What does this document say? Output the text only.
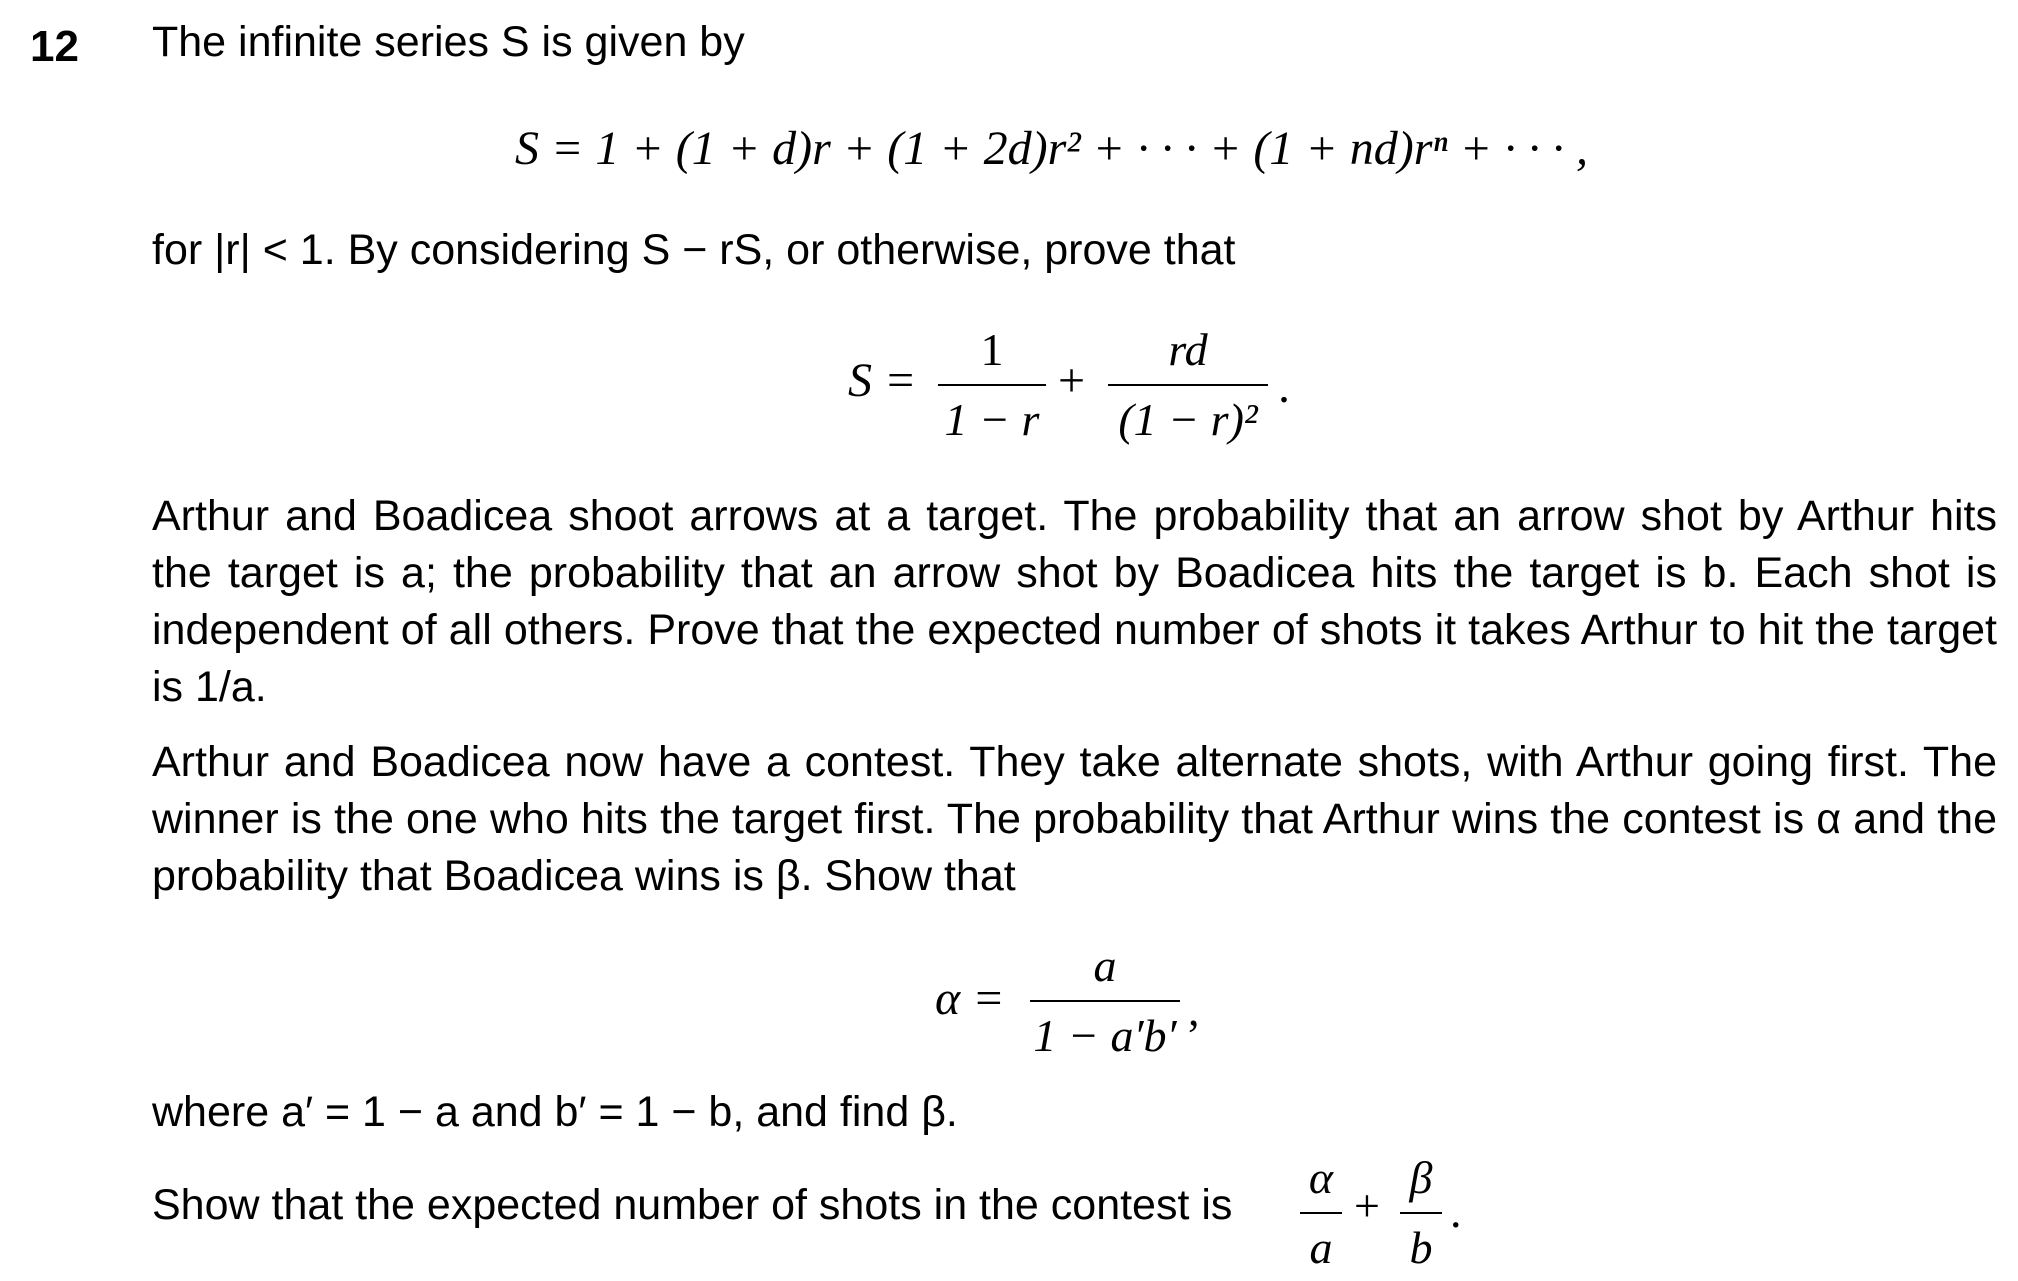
12 The infinite series S is given by
S = 1 + (1 + d)r + (1 + 2d)r² + · · · + (1 + nd)rⁿ + · · · ,
for |r| < 1. By considering S − rS, or otherwise, prove that
S =
1
1 − r
+
rd
(1 − r)²
.
Arthur and Boadicea shoot arrows at a target. The probability that an arrow shot by Arthur hits the target is a; the probability that an arrow shot by Boadicea hits the target is b. Each shot is independent of all others. Prove that the expected number of shots it takes Arthur to hit the target is 1/a.
Arthur and Boadicea now have a contest. They take alternate shots, with Arthur going first. The winner is the one who hits the target first. The probability that Arthur wins the contest is α and the probability that Boadicea wins is β. Show that
α =
a
1 − a′b′
,
where a′ = 1 − a and b′ = 1 − b, and find β.
Show that the expected number of shots in the contest is
α
a
+
β
b
.
